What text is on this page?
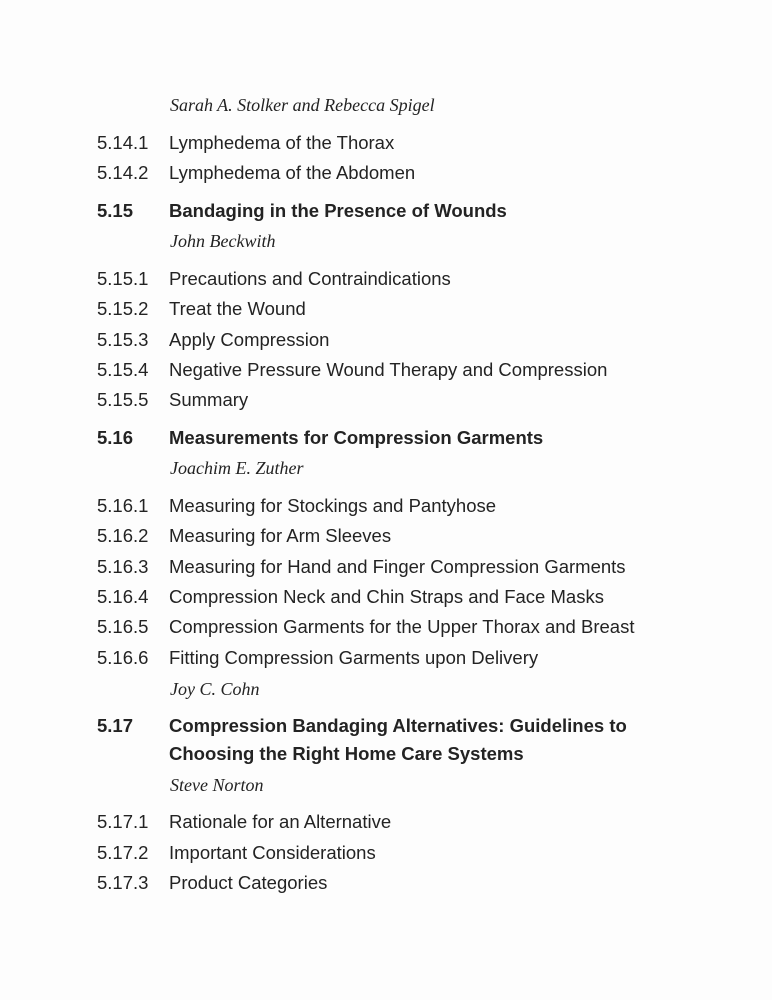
Sarah A. Stolker and Rebecca Spigel
5.14.1	Lymphedema of the Thorax
5.14.2	Lymphedema of the Abdomen
5.15	Bandaging in the Presence of Wounds
John Beckwith
5.15.1	Precautions and Contraindications
5.15.2	Treat the Wound
5.15.3	Apply Compression
5.15.4	Negative Pressure Wound Therapy and Compression
5.15.5	Summary
5.16	Measurements for Compression Garments
Joachim E. Zuther
5.16.1	Measuring for Stockings and Pantyhose
5.16.2	Measuring for Arm Sleeves
5.16.3	Measuring for Hand and Finger Compression Garments
5.16.4	Compression Neck and Chin Straps and Face Masks
5.16.5	Compression Garments for the Upper Thorax and Breast
5.16.6	Fitting Compression Garments upon Delivery
Joy C. Cohn
5.17	Compression Bandaging Alternatives: Guidelines to
Choosing the Right Home Care Systems
Steve Norton
5.17.1	Rationale for an Alternative
5.17.2	Important Considerations
5.17.3	Product Categories
